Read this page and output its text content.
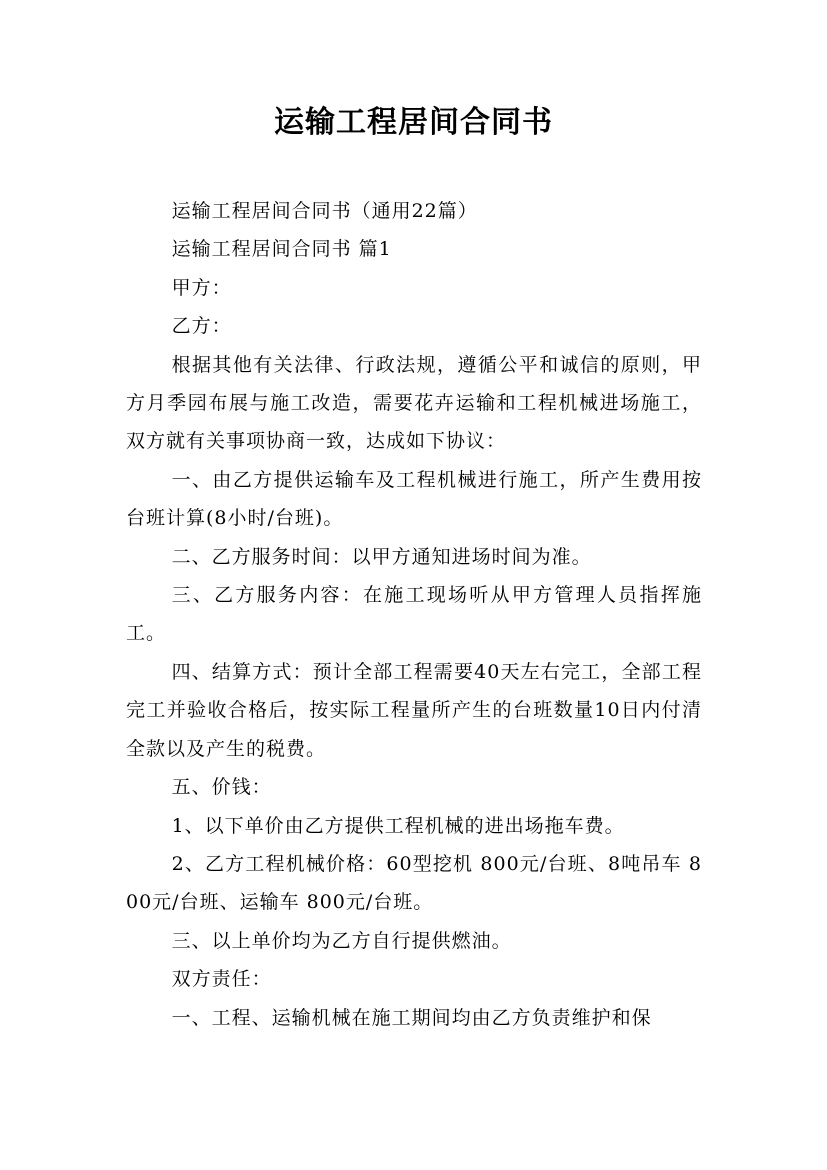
运输工程居间合同书

运输工程居间合同书（通用22篇）

运输工程居间合同书 篇1

甲方：

乙方：

根据其他有关法律、行政法规，遵循公平和诚信的原则，甲方月季园布展与施工改造，需要花卉运输和工程机械进场施工，双方就有关事项协商一致，达成如下协议：

一、由乙方提供运输车及工程机械进行施工，所产生费用按台班计算(8小时/台班)。

二、乙方服务时间：以甲方通知进场时间为准。

三、乙方服务内容：在施工现场听从甲方管理人员指挥施工。

四、结算方式：预计全部工程需要40天左右完工，全部工程完工并验收合格后，按实际工程量所产生的台班数量10日内付清全款以及产生的税费。

五、价钱：

1、以下单价由乙方提供工程机械的进出场拖车费。

2、乙方工程机械价格：60型挖机 800元/台班、8吨吊车 800元/台班、运输车 800元/台班。

三、以上单价均为乙方自行提供燃油。

双方责任：

一、工程、运输机械在施工期间均由乙方负责维护和保
